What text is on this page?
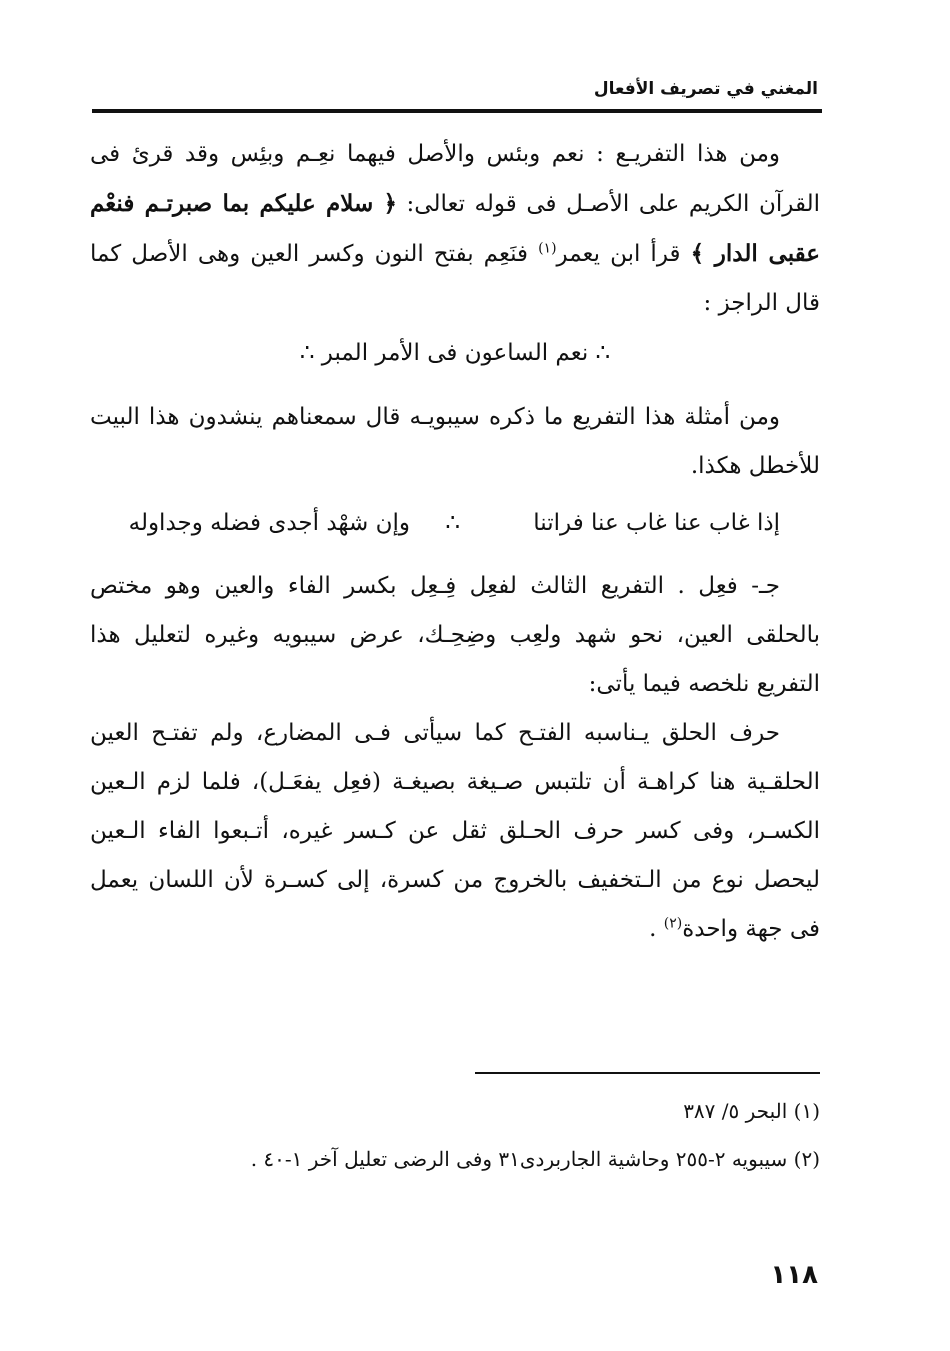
المغني في تصريف الأفعال
ومن هذا التفريـع : نعم وبئس والأصل فيهما نعِـم وبئِس وقد قرئ فى القرآن الكريم على الأصـل فى قوله تعالى: ﴿ سلام عليكم بما صبرتـم فنعْم عقبى الدار ﴾ قرأ ابن يعمر$^{(١)}$ فنَعِم بفتح النون وكسر العين وهى الأصل كما قال الراجز :
∴ نعم الساعون فى الأمر المبر ∴
ومن أمثلة هذا التفريع ما ذكره سيبويـه قال سمعناهم ينشدون هذا البيت للأخطل هكذا.
إذا غاب عنا غاب عنا فراتنا
∴
وإن شهْد أجدى فضله وجداوله
جـ- فعِل . التفريع الثالث لفعِل فِـعِل بكسر الفاء والعين وهو مختص بالحلقى العين، نحو شهد ولعِب وضِحِـك، عرض سيبويه وغيره لتعليل هذا التفريع نلخصه فيما يأتى:
حرف الحلق يـناسبه الفتـح كما سيأتى فـى المضارع، ولم تفتـح العين الحلقـية هنا كراهـة أن تلتبس صـيغة بصيغـة (فعِل يفعَـل)، فلما لزم الـعين الكسـر، وفى كسر حرف الحـلق ثقل عن كـسر غيره، أتـبعوا الفاء الـعين ليحصل نوع من الـتخفيف بالخروج من كسرة، إلى كسـرة لأن اللسان يعمل فى جهة واحدة$^{(٢)}$ .
(١) البحر ٥/ ٣٨٧
(٢) سيبويه ٢-٢٥٥ وحاشية الجاربردى٣١ وفى الرضى تعليل آخر ١-٤٠ .
١١٨
